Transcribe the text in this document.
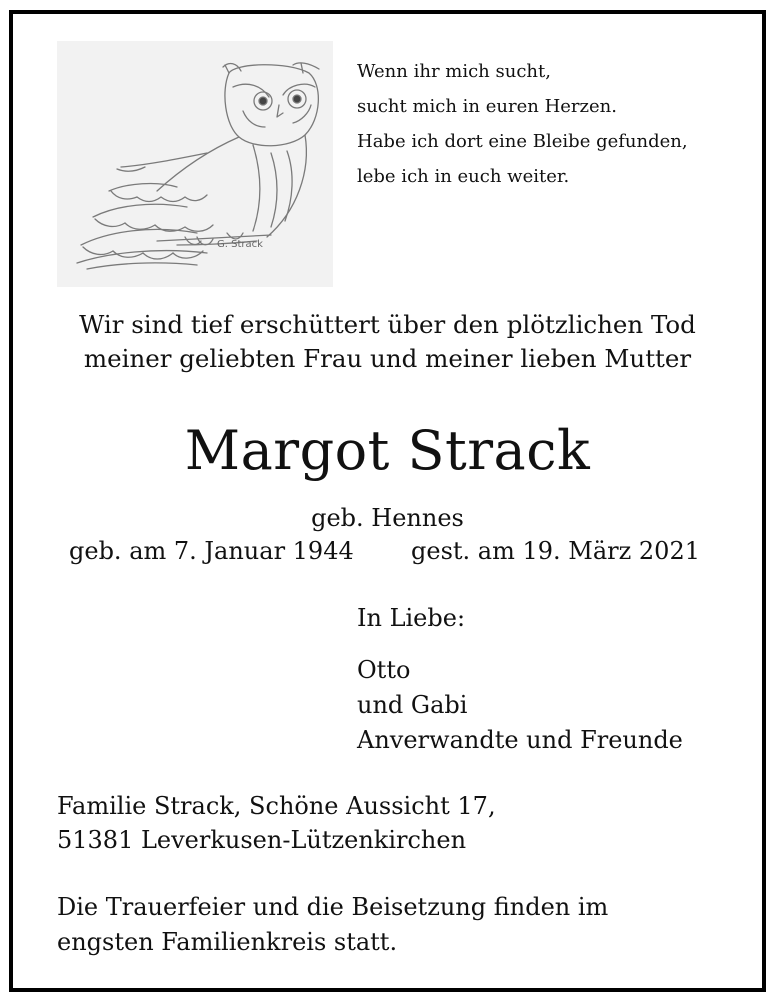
G. Strack
Wenn ihr mich sucht,
sucht mich in euren Herzen.
Habe ich dort eine Bleibe gefunden,
lebe ich in euch weiter.
Wir sind tief erschüttert über den plötzlichen Tod
meiner geliebten Frau und meiner lieben Mutter
Margot Strack
geb. Hennes
geb. am 7. Januar 1944 gest. am 19. März 2021
In Liebe:
Otto
und Gabi
Anverwandte und Freunde
Familie Strack, Schöne Aussicht 17,
51381 Leverkusen-Lützenkirchen
Die Trauerfeier und die Beisetzung finden im
engsten Familienkreis statt.
